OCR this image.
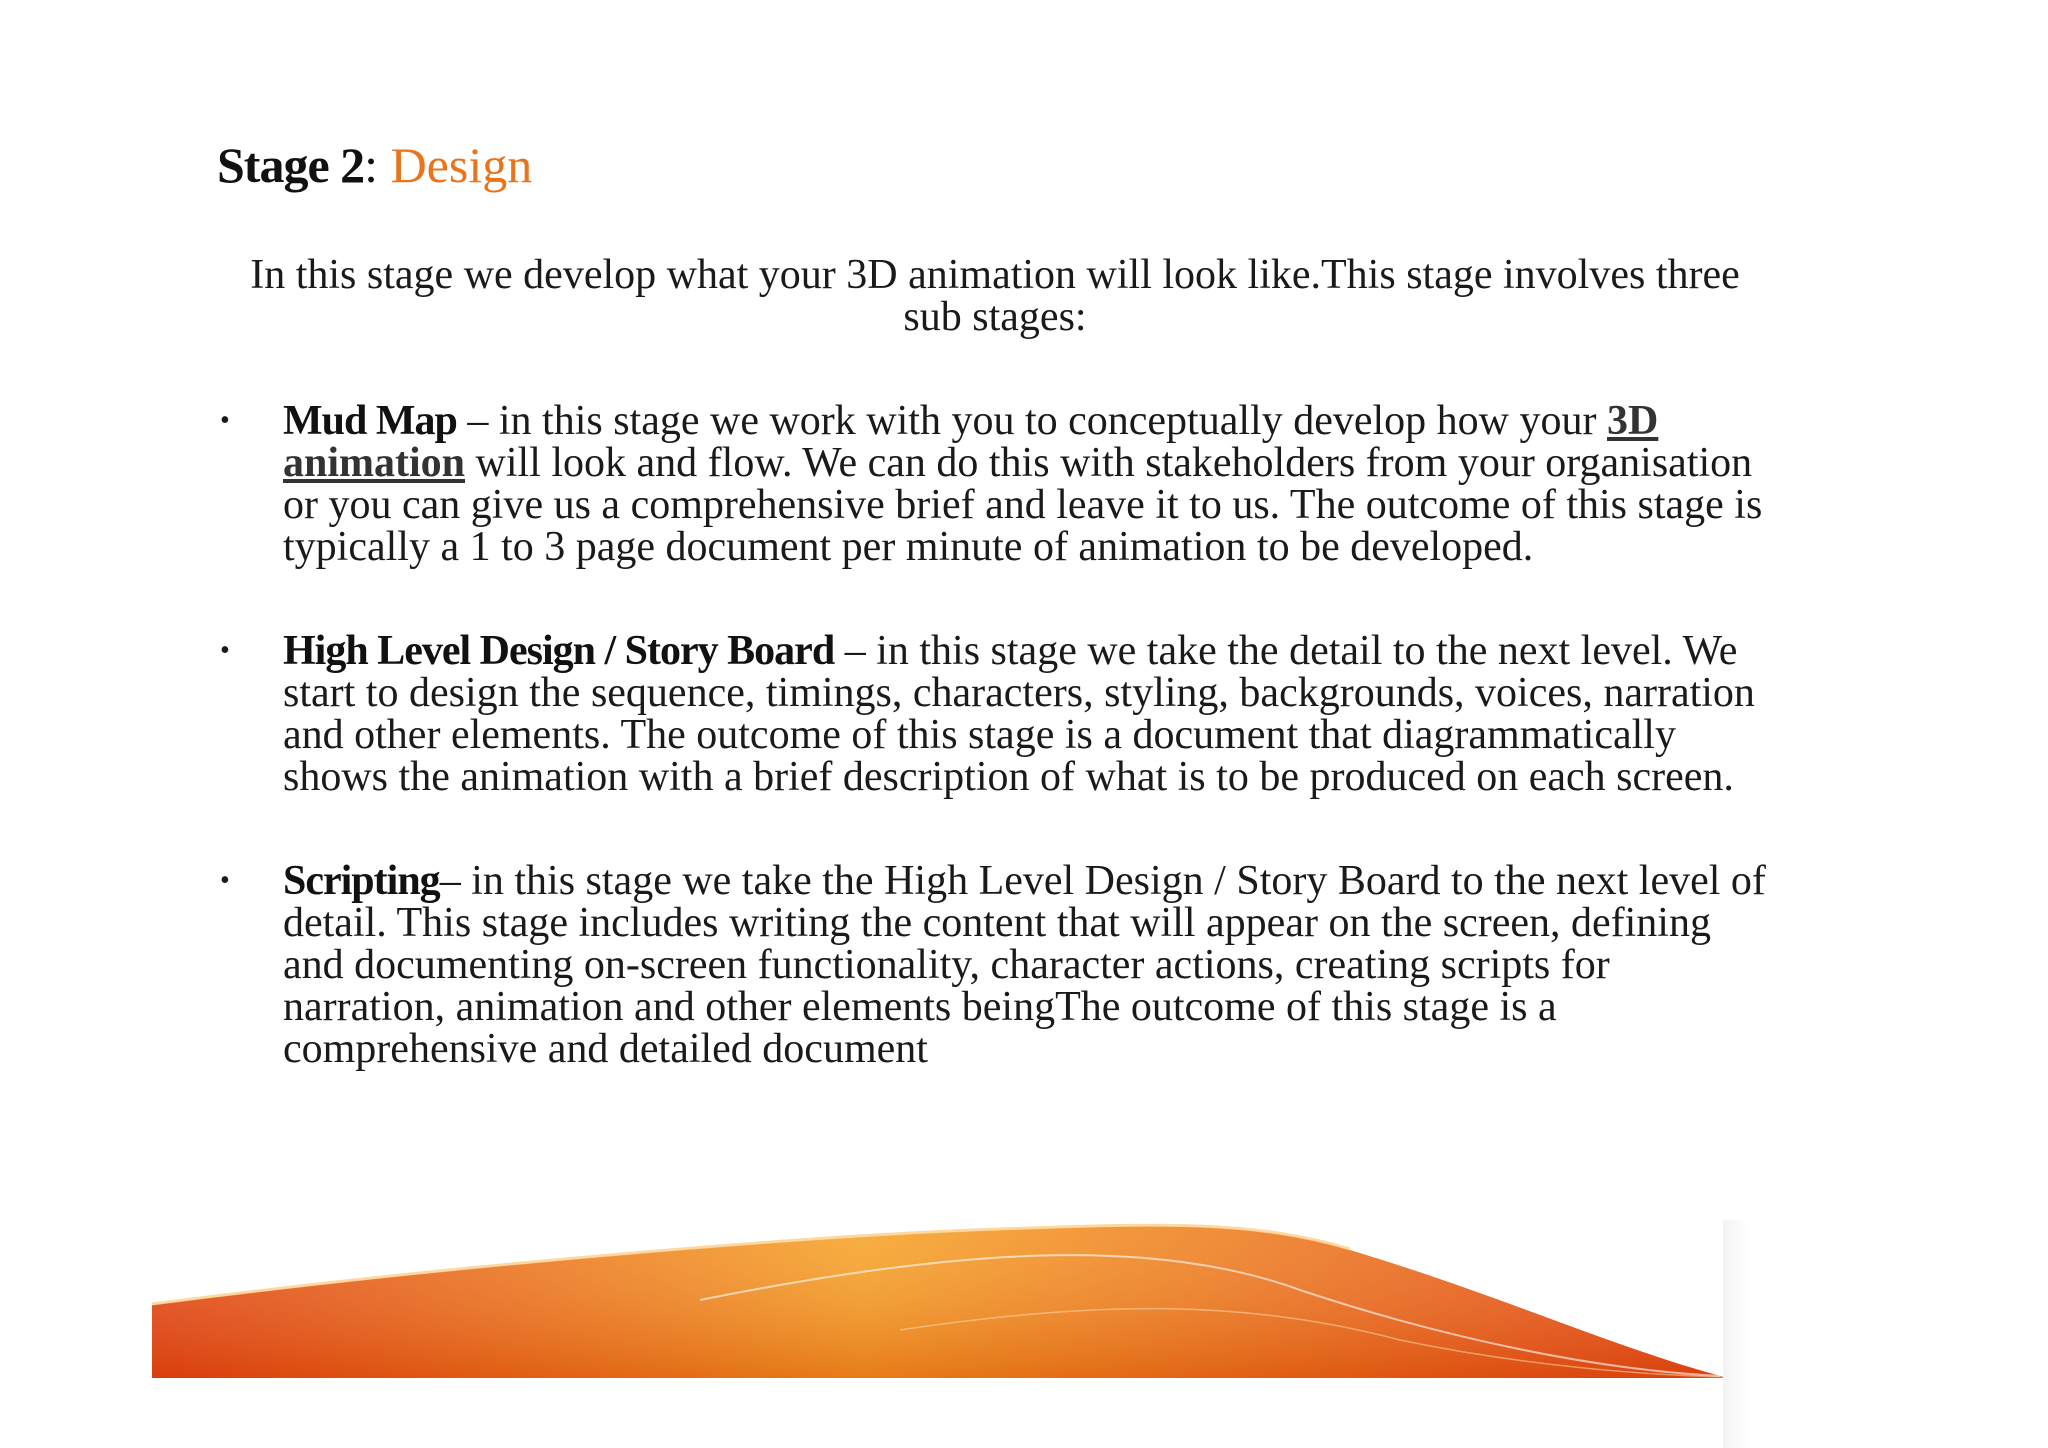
Stage 2: Design
In this stage we develop what your 3D animation will look like.This stage involves three sub stages:
• Mud Map – in this stage we work with you to conceptually develop how your 3D animation will look and flow. We can do this with stakeholders from your organisation or you can give us a comprehensive brief and leave it to us. The outcome of this stage is typically a 1 to 3 page document per minute of animation to be developed.
• High Level Design / Story Board – in this stage we take the detail to the next level. We start to design the sequence, timings, characters, styling, backgrounds, voices, narration and other elements. The outcome of this stage is a document that diagrammatically shows the animation with a brief description of what is to be produced on each screen.
• Scripting– in this stage we take the High Level Design / Story Board to the next level of detail. This stage includes writing the content that will appear on the screen, defining and documenting on-screen functionality, character actions, creating scripts for narration, animation and other elements beingThe outcome of this stage is a comprehensive and detailed document
